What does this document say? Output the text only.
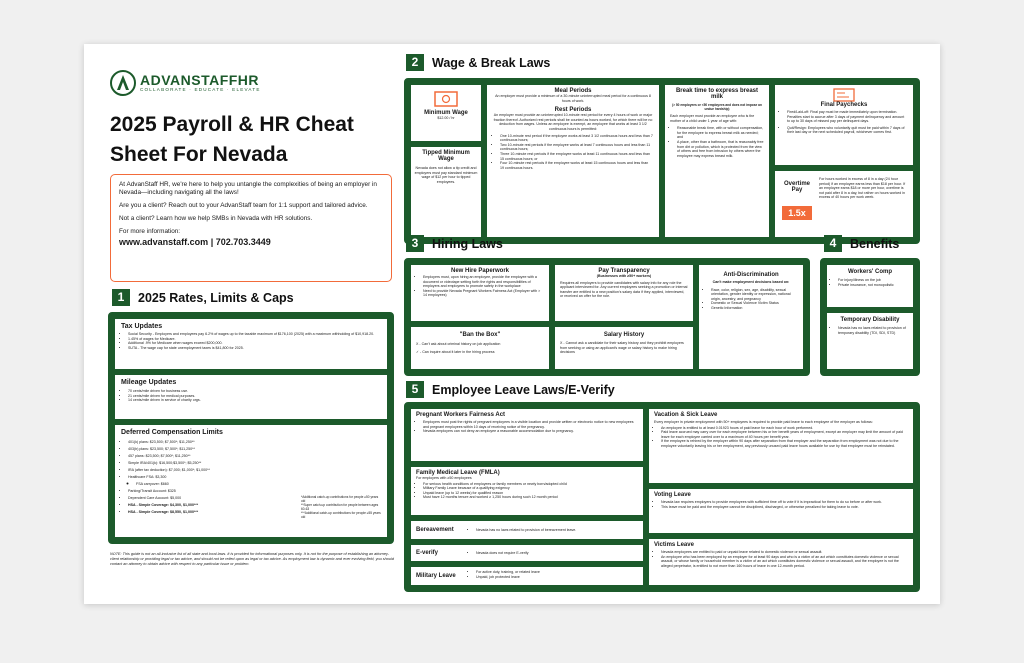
ADVANSTAFFHR
COLLABORATE · EDUCATE · ELEVATE
2025 Payroll & HR Cheat Sheet For Nevada
At AdvanStaff HR, we're here to help you untangle the complexities of being an employer in Nevada—including navigating all the laws!
Are you a client? Reach out to your AdvanStaff team for 1:1 support and tailored advice.
Not a client? Learn how we help SMBs in Nevada with HR solutions.
For more information:
www.advanstaff.com | 702.703.3449
1	2025 Rates, Limits & Caps
Tax Updates
• Social Security - Employers and employees pay 6.2% of wages up to the taxable maximum of $176,100 (2025) with a maximum withholding of $10,918.20.
• 1.45% of wages for Medicare.
• Additional .9% for Medicare when wages exceed $200,000.
• SUTA - The wage cap for state unemployment taxes is $41,800 for 2025.
Mileage Updates
• 70 cents/mile driven for business use.
• 21 cents/mile driven for medical purposes.
• 14 cents/mile driven in service of charity orgs.
Deferred Compensation Limits
• 401(k) plans: $23,500; $7,500*; $11,250**
• 403(b) plans: $23,500; $7,500*; $11,250**
• 457 plans: $23,500; $7,500*; $11,250**
• Simple IRA/401(k): $16,500;$3,500*; $5,250**
• IRA (after tax deduction): $7,000; $1,000*; $1,000**
• Healthcare FSA: $3,300
◦ FSA carryover: $660
• Parking/Transit Account: $325
• Dependent Care Account: $5,000
• HSA - Simple Coverage: $4,300, $1,000***
• HSA - Simple Coverage: $8,550, $1,000***
*Additional catch-up contributions for people ≥50 years old
**Super catch-up contribution for people between ages 60-63
***Additional catch-up contributions for people ≥55 years old
NOTE: This guide is not an all-inclusive list of all state and local laws. It is provided for informational purposes only. It is not for the purpose of establishing an attorney-client relationship or providing legal or tax advice, and should not be relied upon as legal or tax advice. As employment law is dynamic and ever evolving field, you should contact an attorney to obtain advice with respect to any particular issue or problem.
2	Wage & Break Laws
Minimum Wage
$12.00 / hr
Tipped Minimum Wage
Nevada does not allow a tip credit and employers must pay standard minimum wage of $12 per hour to tipped employees.
Meal Periods
An employer must provide a minimum of a 30-minute uninterrupted meal period for a continuous 8 hours of work.
Rest Periods
An employer must provide an uninterrupted 10-minute rest period for every 4 hours of work or major fraction thereof. Authorized rest periods shall be counted as hours worked, for which there will be no deduction from wages. Unless an employee is exempt, an employee that works at least 3 1/2 continuous hours is permitted:
• One 10-minute rest period if the employee works at least 3 1/2 continuous hours and less than 7 continuous hours;
• Two 10-minute rest periods if the employee works at least 7 continuous hours and less than 11 continuous hours;
• Three 10-minute rest periods if the employee works at least 11 continuous hours and less than 15 continuous hours; or
• Four 10-minute rest periods if the employee works at least 15 continuous hours and less than 19 continuous hours.
Break time to express breast milk
(> 50 employees or <50 employees and does not impose an undue hardship)
Each employer must provide an employee who is the mother of a child under 1 year of age with:
• Reasonable break time, with or without compensation, for the employee to express breast milk as needed; and
• A place, other than a bathroom, that is reasonably free from dirt or pollution, which is protected from the view of others and free from intrusion by others where the employee may express breast milk.
Final Paychecks
• Fired/Laid-off: Final pay must be made immediately upon termination. Penalties start to accrue after 3 days of payment delinquency and amount to up to 30 days of missed pay per delinquent days.
• Quit/Resign: Employees who voluntarily quit must be paid within 7 days of their last day or the next scheduled payroll, whichever comes first.
Overtime Pay
1.5x
For hours worked in excess of 8 in a day (24 hour period) if an employee earns less than $18 per hour. If an employee earns $18 or more per hour, overtime is not paid after 8 in a day, but rather on hours worked in excess of 40 hours per work week.
3	Hiring Laws
New Hire Paperwork
• Employers must, upon hiring an employee, provide the employee with a document or videotape setting forth the rights and responsibilities of employers and employees to promote safety in the workplace
• Need to provide Nevada Pregnant Workers Fairness Act (Employer with > 14 employees)
Pay Transparency
(Businesses with ≥50+ workers)
Requires all employers to provide candidates with salary info for any role the applicant interviewed for. Any current employees seeking a promotion or internal transfer are entitled to a new position's salary data if they applied, interviewed, or received an offer for the role.
Anti-Discrimination
Can't make employment decisions based on:
• Race, color, religion, sex, age, disability, sexual orientation, gender identity or expression, national origin, ancestry, and pregnancy
• Domestic or Sexual Violence Victim Status
• Genetic Information
"Ban the Box"
X - Can't ask about criminal history on job application
✓ - Can inquire about it later in the hiring process
Salary History
X - Cannot ask a candidate for their salary history and they prohibit employers from seeking or using an applicant's wage or salary history to make hiring decisions
4	Benefits
Workers' Comp
• For injury/illness on the job
• Private insurance, not monopolistic
Temporary Disability
• Nevada has no laws related to provision of temporary disability (TDI, SDI, STD)
5	Employee Leave Laws/E-Verify
Pregnant Workers Fairness Act
• Employers must post the rights of pregnant employees in a visible location and provide written or electronic notice to new employees and pregnant employees within 10 days of receiving notice of the pregnancy.
• Nevada employers can not deny an employee a reasonable accommodation due to pregnancy.
Family Medical Leave (FMLA)
For employers with ≥50 employees
• For serious health conditions of employees or family members or newly born/adopted child
• Military Family Leave because of a qualifying exigency
• Unpaid leave (up to 12 weeks) for qualified reason
• Must have 12 months tenure and worked ≥ 1,250 hours during such 12 month period
Bereavement	• Nevada has no laws related to provision of bereavement leave.
E-verify	• Nevada does not require E-verify
Military Leave
• For active duty, training, or related leave
• Unpaid, job protected leave
Vacation & Sick Leave
Every employer in private employment with 50+ employees is required to provide paid leave to each employee of the employer as follows:
• An employee is entitled to at least 0.01923 hours of paid leave for each hour of work performed.
• Paid leave accrued may carry over for each employee between his or her benefit years of employment, except an employer may limit the amount of paid leave for each employee carried over to a maximum of 40 hours per benefit year.
• If the employee is rehired by the employer within 90 days after separation from that employer and the separation from employment was not due to the employee voluntarily leaving his or her employment, any previously unused paid leave hours available for use by that employee must be reinstated.
Voting Leave
• Nevada law requires employers to provide employees with sufficient time off to vote if it is impractical for them to do so before or after work.
• This leave must be paid and the employee cannot be disciplined, discharged, or otherwise penalized for taking leave to vote.
Victims Leave
• Nevada employees are entitled to paid or unpaid leave related to domestic violence or sexual assault.
• An employee who has been employed by an employer for at least 90 days and who is a victim of an act which constitutes domestic violence or sexual assault, or whose family or household member is a victim of an act which constitutes domestic violence or sexual assault, and the employee is not the alleged perpetrator, is entitled to not more than 160 hours of leave in one 12-month period.
